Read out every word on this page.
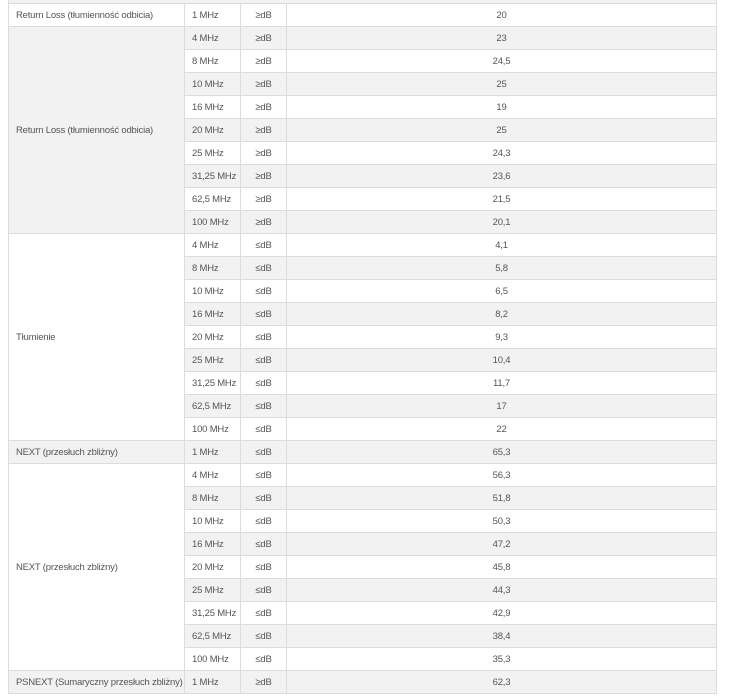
Return Loss (tłumienność odbicia)	1 MHz	≥dB	20
Return Loss (tłumienność odbicia)	4 MHz	≥dB	23
	8 MHz	≥dB	24,5
	10 MHz	≥dB	25
	16 MHz	≥dB	19
	20 MHz	≥dB	25
	25 MHz	≥dB	24,3
	31,25 MHz	≥dB	23,6
	62,5 MHz	≥dB	21,5
	100 MHz	≥dB	20,1
Tłumienie	4 MHz	≤dB	4,1
	8 MHz	≤dB	5,8
	10 MHz	≤dB	6,5
	16 MHz	≤dB	8,2
	20 MHz	≤dB	9,3
	25 MHz	≤dB	10,4
	31,25 MHz	≤dB	11,7
	62,5 MHz	≤dB	17
	100 MHz	≤dB	22
NEXT (przesłuch zbliżny)	1 MHz	≤dB	65,3
NEXT (przesłuch zbliżny)	4 MHz	≤dB	56,3
	8 MHz	≤dB	51,8
	10 MHz	≤dB	50,3
	16 MHz	≤dB	47,2
	20 MHz	≤dB	45,8
	25 MHz	≤dB	44,3
	31,25 MHz	≤dB	42,9
	62,5 MHz	≤dB	38,4
	100 MHz	≤dB	35,3
PSNEXT (Sumaryczny przesłuch zbliżny)	1 MHz	≥dB	62,3
